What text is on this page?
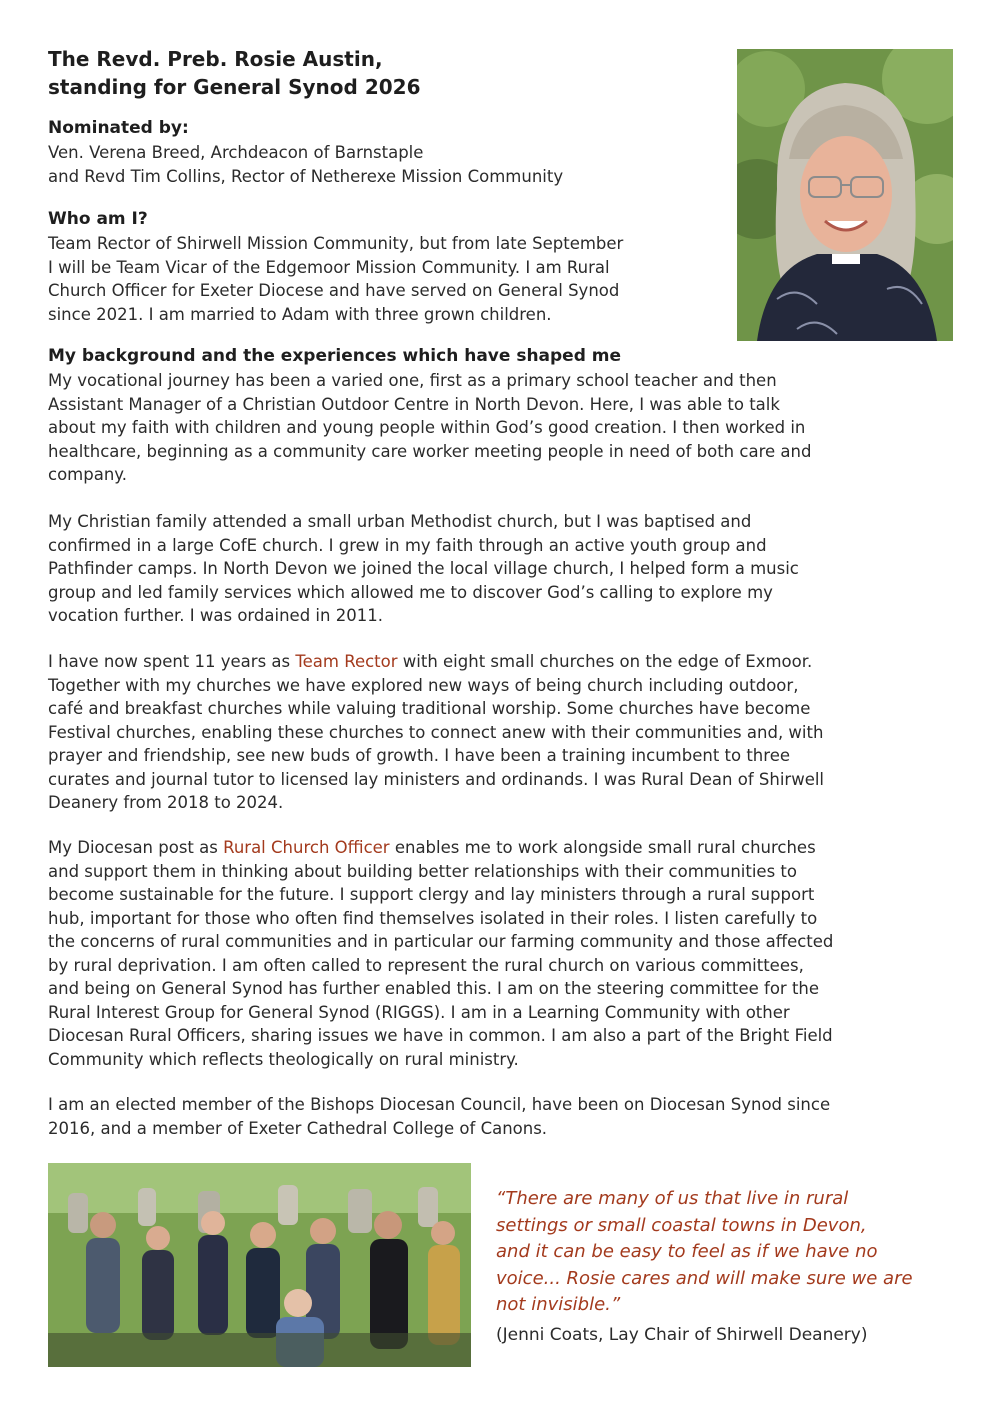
The Revd. Preb. Rosie Austin,
standing for General Synod 2026
Nominated by:
Ven. Verena Breed, Archdeacon of Barnstaple
and Revd Tim Collins, Rector of Netherexe Mission Community
Who am I?
Team Rector of Shirwell Mission Community, but from late September
I will be Team Vicar of the Edgemoor Mission Community. I am Rural
Church Officer for Exeter Diocese and have served on General Synod
since 2021. I am married to Adam with three grown children.
My background and the experiences which have shaped me
My vocational journey has been a varied one, first as a primary school teacher and then
Assistant Manager of a Christian Outdoor Centre in North Devon. Here, I was able to talk
about my faith with children and young people within God’s good creation. I then worked in
healthcare, beginning as a community care worker meeting people in need of both care and
company.
My Christian family attended a small urban Methodist church, but I was baptised and
confirmed in a large CofE church. I grew in my faith through an active youth group and
Pathfinder camps. In North Devon we joined the local village church, I helped form a music
group and led family services which allowed me to discover God’s calling to explore my
vocation further. I was ordained in 2011.
I have now spent 11 years as Team Rector with eight small churches on the edge of Exmoor.
Together with my churches we have explored new ways of being church including outdoor,
café and breakfast churches while valuing traditional worship. Some churches have become
Festival churches, enabling these churches to connect anew with their communities and, with
prayer and friendship, see new buds of growth. I have been a training incumbent to three
curates and journal tutor to licensed lay ministers and ordinands. I was Rural Dean of Shirwell
Deanery from 2018 to 2024.
My Diocesan post as Rural Church Officer enables me to work alongside small rural churches
and support them in thinking about building better relationships with their communities to
become sustainable for the future. I support clergy and lay ministers through a rural support
hub, important for those who often find themselves isolated in their roles. I listen carefully to
the concerns of rural communities and in particular our farming community and those affected
by rural deprivation. I am often called to represent the rural church on various committees,
and being on General Synod has further enabled this. I am on the steering committee for the
Rural Interest Group for General Synod (RIGGS). I am in a Learning Community with other
Diocesan Rural Officers, sharing issues we have in common. I am also a part of the Bright Field
Community which reflects theologically on rural ministry.
I am an elected member of the Bishops Diocesan Council, have been on Diocesan Synod since
2016, and a member of Exeter Cathedral College of Canons.
“There are many of us that live in rural
settings or small coastal towns in Devon,
and it can be easy to feel as if we have no
voice... Rosie cares and will make sure we are
not invisible.”

(Jenni Coats, Lay Chair of Shirwell Deanery)
